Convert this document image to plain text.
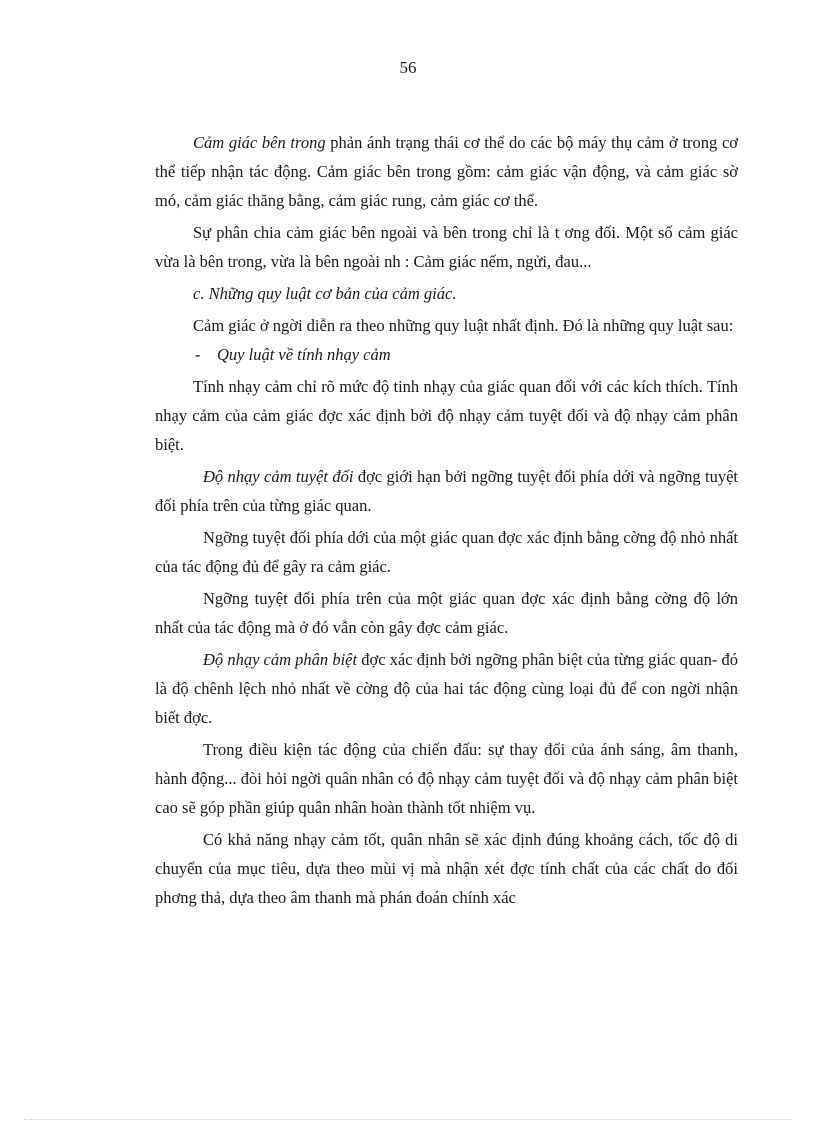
56

Cảm giác bên trong phản ánh trạng thái cơ thể do các bộ máy thụ cảm ở trong cơ thể tiếp nhận tác động. Cảm giác bên trong gồm: cảm giác vận động, và cảm giác sờ mó, cảm giác thăng bằng, cảm giác rung, cảm giác cơ thể.

Sự phân chia cảm giác bên ngoài và bên trong chỉ là t ơng đối. Một số cảm giác vừa là bên trong, vừa là bên ngoài nh : Cảm giác nếm, ngửi, đau...

c. Những quy luật cơ bản của cảm giác.

Cảm giác ở ngời diễn ra theo những quy luật nhất định. Đó là những quy luật sau:

- Quy luật về tính nhạy cảm

Tính nhạy cảm chỉ rõ mức độ tinh nhạy của giác quan đối với các kích thích. Tính nhạy cảm của cảm giác đợc xác định bởi độ nhạy cảm tuyệt đối và độ nhạy cảm phân biệt.

Độ nhạy cảm tuyệt đối đợc giới hạn bởi ngỡng tuyệt đối phía dới và ngỡng tuyệt đối phía trên của từng giác quan.

Ngỡng tuyệt đối phía dới của một giác quan đợc xác định bằng cờng độ nhỏ nhất của tác động đủ để gây ra cảm giác.

Ngỡng tuyệt đối phía trên của một giác quan đợc xác định bằng cờng độ lớn nhất của tác động mà ở đó vẫn còn gây đợc cảm giác.

Độ nhạy cảm phân biệt đợc xác định bởi ngỡng phân biệt của từng giác quan- đó là độ chênh lệch nhỏ nhất về cờng độ của hai tác động cùng loại đủ để con ngời nhận biết đợc.

Trong điều kiện tác động của chiến đấu: sự thay đổi của ánh sáng, âm thanh, hành động... đòi hỏi ngời quân nhân có độ nhạy cảm tuyệt đối và độ nhạy cảm phân biệt cao sẽ góp phần giúp quân nhân hoàn thành tốt nhiệm vụ.

Có khả năng nhạy cảm tốt, quân nhân sẽ xác định đúng khoảng cách, tốc độ di chuyển của mục tiêu, dựa theo mùi vị mà nhận xét đợc tính chất của các chất do đối phơng thả, dựa theo âm thanh mà phán đoán chính xác
